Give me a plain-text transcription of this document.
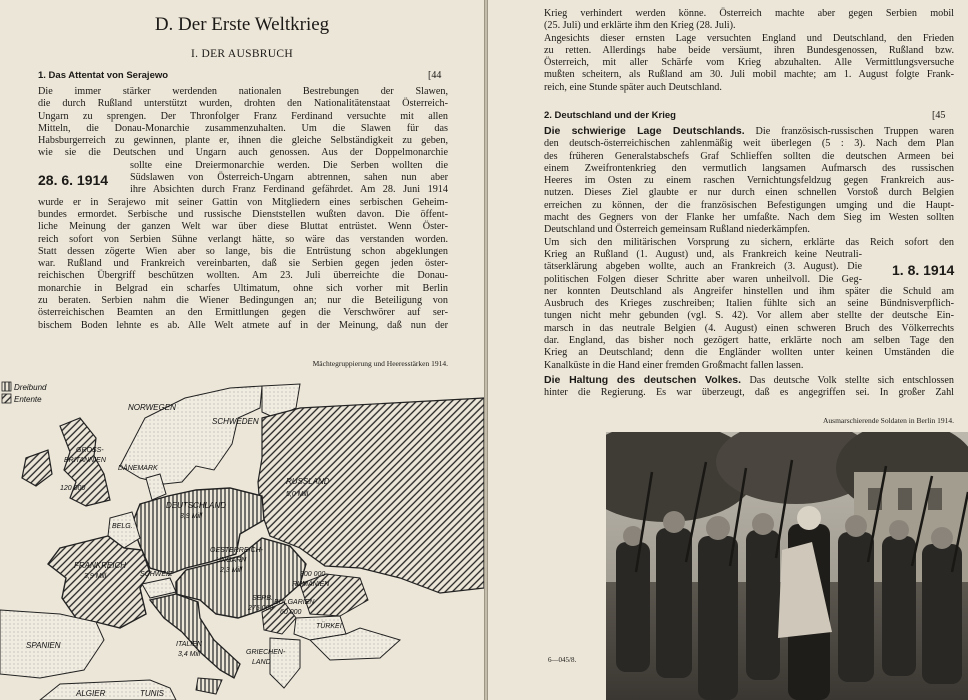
D. Der Erste Weltkrieg
I. DER AUSBRUCH
1. Das Attentat von Serajewo	[44
Die immer stärker werdenden nationalen Bestrebungen der Slawen,
die durch Rußland unterstützt wurden, drohten den Nationalitätenstaat Österreich-
Ungarn zu sprengen. Der Thronfolger Franz Ferdinand versuchte mit allen
Mitteln, die Donau-Monarchie zusammenzuhalten. Um die Slawen für das
Habsburgerreich zu gewinnen, plante er, ihnen die gleiche Selbständigkeit zu geben,
wie sie die Deutschen und Ungarn auch genossen. Aus der Doppelmonarchie
sollte eine Dreiermonarchie werden. Die Serben wollten die
Südslawen von Österreich-Ungarn abtrennen, sahen nun aber
ihre Absichten durch Franz Ferdinand gefährdet. Am 28. Juni 1914
wurde er in Serajewo mit seiner Gattin von Mitgliedern eines serbischen Geheim-
bundes ermordet. Serbische und russische Dienststellen wußten davon. Die öffent-
liche Meinung der ganzen Welt war über diese Bluttat entrüstet. Wenn Öster-
reich sofort von Serbien Sühne verlangt hätte, so wäre das verstanden worden.
Statt dessen zögerte Wien aber so lange, bis die Entrüstung schon abgeklungen
war. Rußland und Frankreich vereinbarten, daß sie Serbien gegen jeden öster-
reichischen Übergriff beschützen wollten. Am 23. Juli überreichte die Donau-
monarchie in Belgrad ein scharfes Ultimatum, ohne sich vorher mit Berlin
zu beraten. Serbien nahm die Wiener Bedingungen an; nur die Beteiligung von
österreichischen Beamten an den Ermittlungen gegen die Verschwörer auf ser-
bischem Boden lehnte es ab. Alle Welt atmete auf in der Meinung, daß nun der
28. 6. 1914
Mächtegruppierung und Heeresstärken 1914.
Dreibund
Entente
NORWEGEN
SCHWEDEN
DÄNEMARK
GROSS-
BRITANNIEN
120 000
DEUTSCHLAND
3,9 Mill
RUSSLAND
5,0 Mill
BELG.
FRANKREICH
3,9 Mill	SCHWEIZ
OESTERREICH-
UNGARN
2,3 Mill
300 000
RUMÄNIEN
SERB.
275 000
BULGARIEN
60 000
ITALIEN
3,4 Mill
TÜRKEI
GRIECHEN-
LAND
SPANIEN
ALGIER	TUNIS
Krieg verhindert werden könne. Österreich machte aber gegen Serbien mobil
(25. Juli) und erklärte ihm den Krieg (28. Juli).
Angesichts dieser ernsten Lage versuchten England und Deutschland, den Frieden
zu retten. Allerdings habe beide versäumt, ihren Bundesgenossen, Rußland bzw.
Österreich, mit aller Schärfe vom Krieg abzuhalten. Alle Vermittlungsversuche
mußten scheitern, als Rußland am 30. Juli mobil machte; am 1. August folgte Frank-
reich, eine Stunde später auch Deutschland.
2. Deutschland und der Krieg	[45
Die schwierige Lage Deutschlands. Die französisch-russischen Truppen waren
den deutsch-österreichischen zahlenmäßig weit überlegen (5 : 3). Nach dem Plan
des früheren Generalstabschefs Graf Schlieffen sollten die deutschen Armeen bei
einem Zweifrontenkrieg den vermutlich langsamen Aufmarsch des russischen
Heeres im Osten zu einem raschen Vernichtungsfeldzug gegen Frankreich aus-
nutzen. Dieses Ziel glaubte er nur durch einen schnellen Vorstoß durch Belgien
erreichen zu können, der die französischen Befestigungen umging und die Haupt-
macht des Gegners von der Flanke her umfaßte. Nach dem Sieg im Westen sollten
Deutschland und Österreich gemeinsam Rußland niederkämpfen.
Um sich den militärischen Vorsprung zu sichern, erklärte das Reich sofort den
Krieg an Rußland (1. August) und, als Frankreich keine Neutrali-
tätserklärung abgeben wollte, auch an Frankreich (3. August). Die
politischen Folgen dieser Schritte aber waren unheilvoll. Die Geg-
ner konnten Deutschland als Angreifer hinstellen und ihm später die Schuld am
Ausbruch des Krieges zuschreiben; Italien fühlte sich an seine Bündnisverpflich-
tungen nicht mehr gebunden (vgl. S. 42). Vor allem aber stellte der deutsche Ein-
marsch in das neutrale Belgien (4. August) einen schweren Bruch des Völkerrechts
dar. England, das bisher noch gezögert hatte, erklärte noch am selben Tage den
Krieg an Deutschland; denn die Engländer wollten unter keinen Umständen die
Kanalküste in die Hand einer fremden Großmacht fallen lassen.
Die Haltung des deutschen Volkes. Das deutsche Volk stellte sich entschlossen
hinter die Regierung. Es war überzeugt, daß es angegriffen sei. In großer Zahl
1. 8. 1914
Ausmarschierende Soldaten in Berlin 1914.
6—045/8.
